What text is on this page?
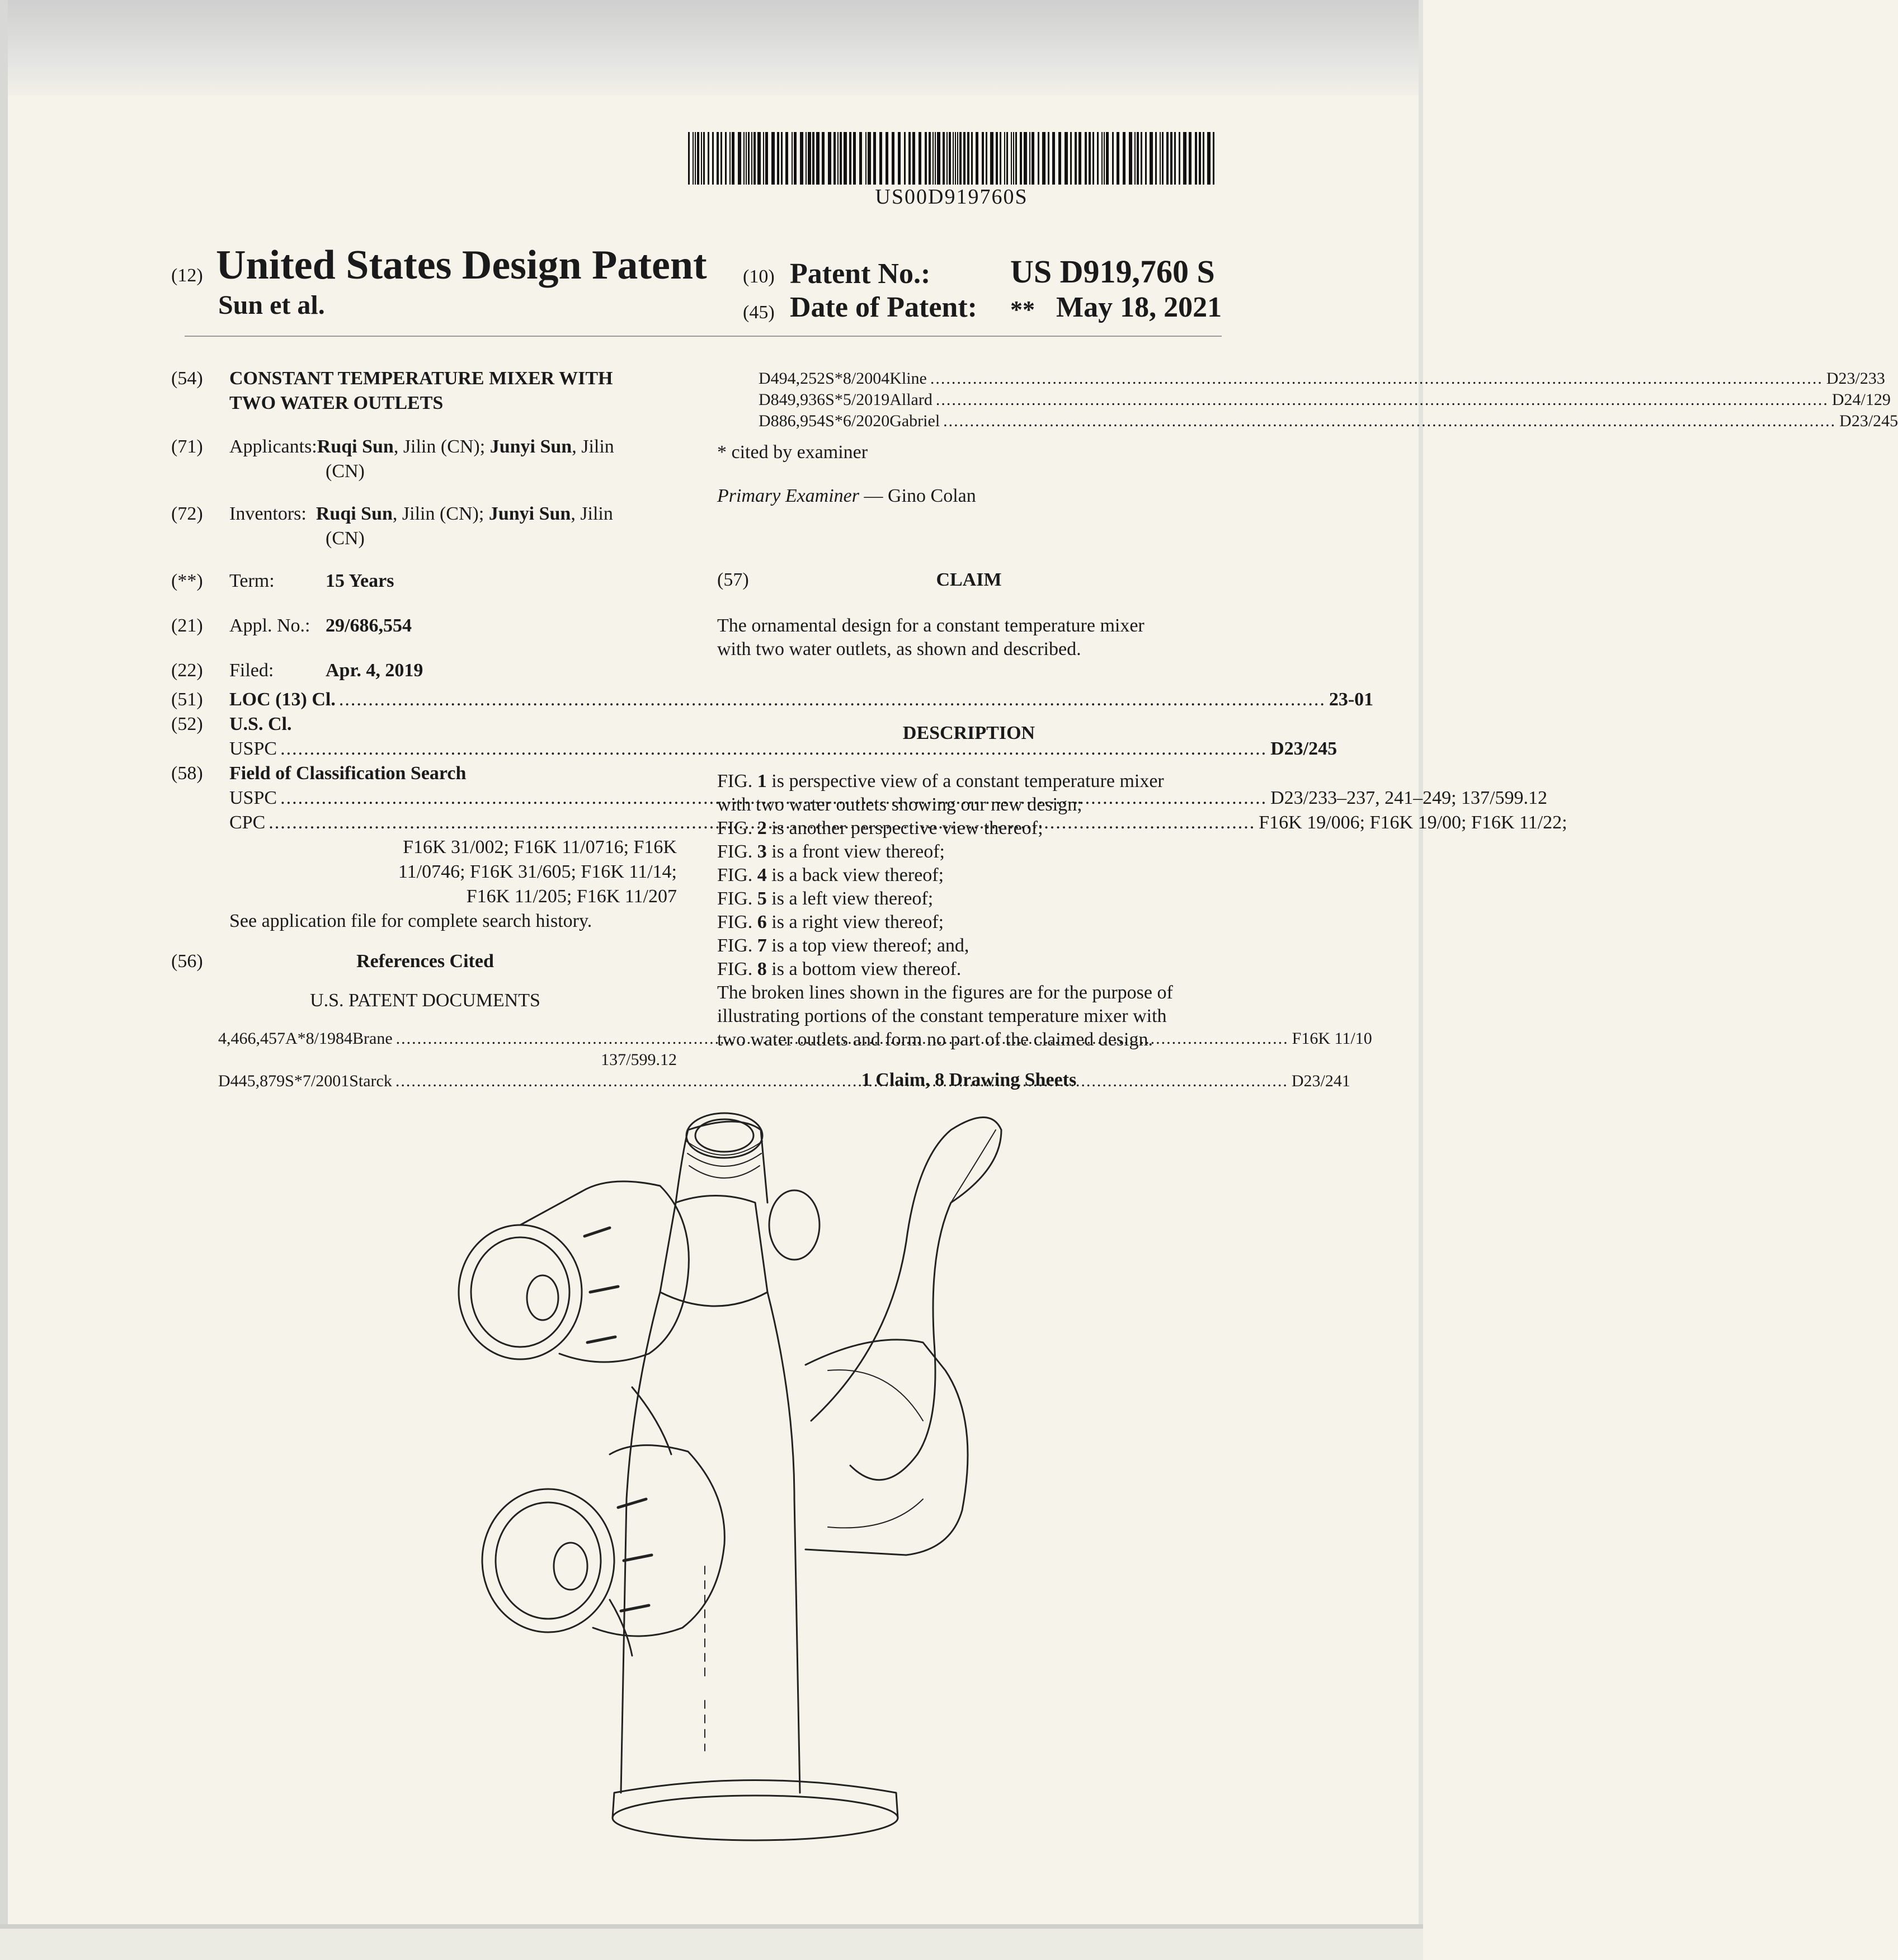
US00D919760S
(12) United States Design Patent
Sun et al.
(10) Patent No.: US D919,760 S
(45) Date of Patent: ** May 18, 2021
(54) CONSTANT TEMPERATURE MIXER WITH
TWO WATER OUTLETS
(71) Applicants:Ruqi Sun, Jilin (CN); Junyi Sun, Jilin
(CN)
(72) Inventors: Ruqi Sun, Jilin (CN); Junyi Sun, Jilin
(CN)
(**) Term:	15 Years
(21) Appl. No.: 29/686,554
(22) Filed:	Apr. 4, 2019
(51) LOC (13) Cl. .....	23-01
(52) U.S. Cl.
USPC .....	D23/245
(58) Field of Classification Search
USPC .....	D23/233–237, 241–249; 137/599.12
CPC .....	F16K 19/006; F16K 19/00; F16K 11/22;
F16K 31/002; F16K 11/0716; F16K
11/0746; F16K 31/605; F16K 11/14;
F16K 11/205; F16K 11/207
See application file for complete search history.
(56)	References Cited
U.S. PATENT DOCUMENTS
4,466,457 A * 8/1984 Brane .....	F16K 11/10
137/599.12
D445,879 S * 7/2001 Starck .....	D23/241
D494,252 S * 8/2004 Kline .....	D23/233
D849,936 S * 5/2019 Allard .....	D24/129
D886,954 S * 6/2020 Gabriel .....	D23/245
* cited by examiner
Primary Examiner — Gino Colan
(57)	CLAIM
The ornamental design for a constant temperature mixer
with two water outlets, as shown and described.
DESCRIPTION
FIG. 1 is perspective view of a constant temperature mixer
with two water outlets showing our new design;
FIG. 2 is another perspective view thereof;
FIG. 3 is a front view thereof;
FIG. 4 is a back view thereof;
FIG. 5 is a left view thereof;
FIG. 6 is a right view thereof;
FIG. 7 is a top view thereof; and,
FIG. 8 is a bottom view thereof.
The broken lines shown in the figures are for the purpose of
illustrating portions of the constant temperature mixer with
two water outlets and form no part of the claimed design.
1 Claim, 8 Drawing Sheets
